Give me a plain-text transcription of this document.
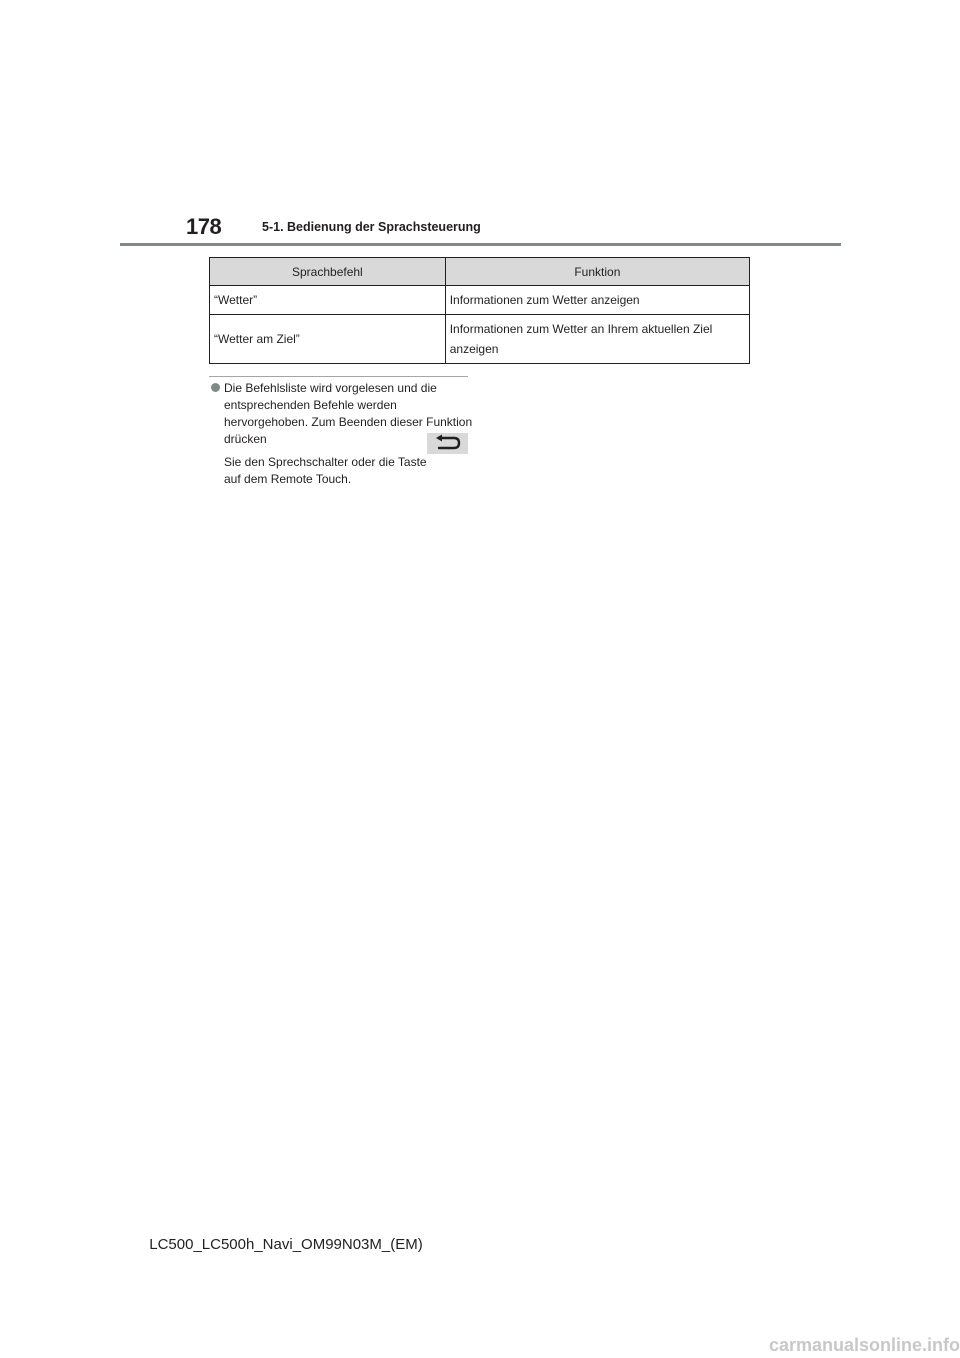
178	5-1. Bedienung der Sprachsteuerung
Sprachbefehl	Funktion
“Wetter”	Informationen zum Wetter anzeigen
“Wetter am Ziel”	Informationen zum Wetter an Ihrem aktuellen Ziel anzeigen
Die Befehlsliste wird vorgelesen und die entsprechenden Befehle werden hervorgehoben. Zum Beenden dieser Funktion drücken
Sie den Sprechschalter oder die Taste
auf dem Remote Touch.
LC500_LC500h_Navi_OM99N03M_(EM)
carmanualsonline.info
